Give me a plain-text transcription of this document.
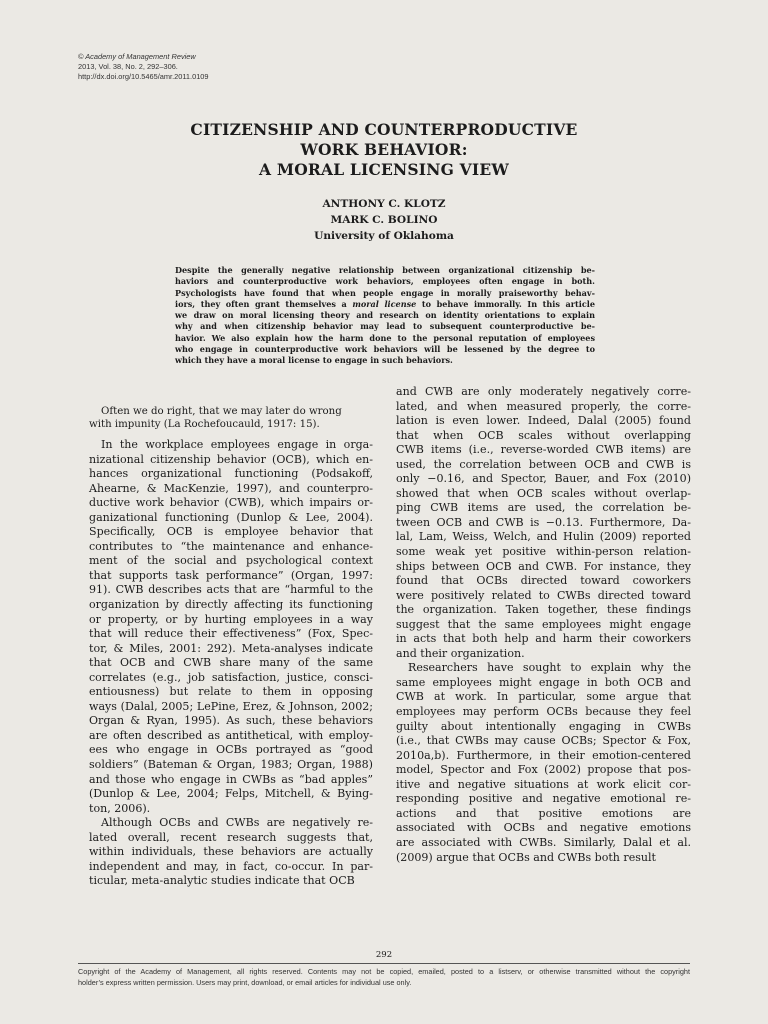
© Academy of Management Review
2013, Vol. 38, No. 2, 292–306.
http://dx.doi.org/10.5465/amr.2011.0109
CITIZENSHIP AND COUNTERPRODUCTIVE
WORK BEHAVIOR:
A MORAL LICENSING VIEW
ANTHONY C. KLOTZ
MARK C. BOLINO
University of Oklahoma
Despite the generally negative relationship between organizational citizenship be-
haviors and counterproductive work behaviors, employees often engage in both.
Psychologists have found that when people engage in morally praiseworthy behav-
iors, they often grant themselves a moral license to behave immorally. In this article
we draw on moral licensing theory and research on identity orientations to explain
why and when citizenship behavior may lead to subsequent counterproductive be-
havior. We also explain how the harm done to the personal reputation of employees
who engage in counterproductive work behaviors will be lessened by the degree to
which they have a moral license to engage in such behaviors.
Often we do right, that we may later do wrong
with impunity (La Rochefoucauld, 1917: 15).
In the workplace employees engage in orga-
nizational citizenship behavior (OCB), which en-
hances organizational functioning (Podsakoff,
Ahearne, & MacKenzie, 1997), and counterpro-
ductive work behavior (CWB), which impairs or-
ganizational functioning (Dunlop & Lee, 2004).
Specifically, OCB is employee behavior that
contributes to “the maintenance and enhance-
ment of the social and psychological context
that supports task performance” (Organ, 1997:
91). CWB describes acts that are “harmful to the
organization by directly affecting its functioning
or property, or by hurting employees in a way
that will reduce their effectiveness” (Fox, Spec-
tor, & Miles, 2001: 292). Meta-analyses indicate
that OCB and CWB share many of the same
correlates (e.g., job satisfaction, justice, consci-
entiousness) but relate to them in opposing
ways (Dalal, 2005; LePine, Erez, & Johnson, 2002;
Organ & Ryan, 1995). As such, these behaviors
are often described as antithetical, with employ-
ees who engage in OCBs portrayed as “good
soldiers” (Bateman & Organ, 1983; Organ, 1988)
and those who engage in CWBs as “bad apples”
(Dunlop & Lee, 2004; Felps, Mitchell, & Bying-
ton, 2006).
Although OCBs and CWBs are negatively re-
lated overall, recent research suggests that,
within individuals, these behaviors are actually
independent and may, in fact, co-occur. In par-
ticular, meta-analytic studies indicate that OCB
and CWB are only moderately negatively corre-
lated, and when measured properly, the corre-
lation is even lower. Indeed, Dalal (2005) found
that when OCB scales without overlapping
CWB items (i.e., reverse-worded CWB items) are
used, the correlation between OCB and CWB is
only −0.16, and Spector, Bauer, and Fox (2010)
showed that when OCB scales without overlap-
ping CWB items are used, the correlation be-
tween OCB and CWB is −0.13. Furthermore, Da-
lal, Lam, Weiss, Welch, and Hulin (2009) reported
some weak yet positive within-person relation-
ships between OCB and CWB. For instance, they
found that OCBs directed toward coworkers
were positively related to CWBs directed toward
the organization. Taken together, these findings
suggest that the same employees might engage
in acts that both help and harm their coworkers
and their organization.
Researchers have sought to explain why the
same employees might engage in both OCB and
CWB at work. In particular, some argue that
employees may perform OCBs because they feel
guilty about intentionally engaging in CWBs
(i.e., that CWBs may cause OCBs; Spector & Fox,
2010a,b). Furthermore, in their emotion-centered
model, Spector and Fox (2002) propose that pos-
itive and negative situations at work elicit cor-
responding positive and negative emotional re-
actions and that positive emotions are
associated with OCBs and negative emotions
are associated with CWBs. Similarly, Dalal et al.
(2009) argue that OCBs and CWBs both result
292
Copyright of the Academy of Management, all rights reserved. Contents may not be copied, emailed, posted to a listserv, or otherwise transmitted without the copyright
holder’s express written permission. Users may print, download, or email articles for individual use only.
